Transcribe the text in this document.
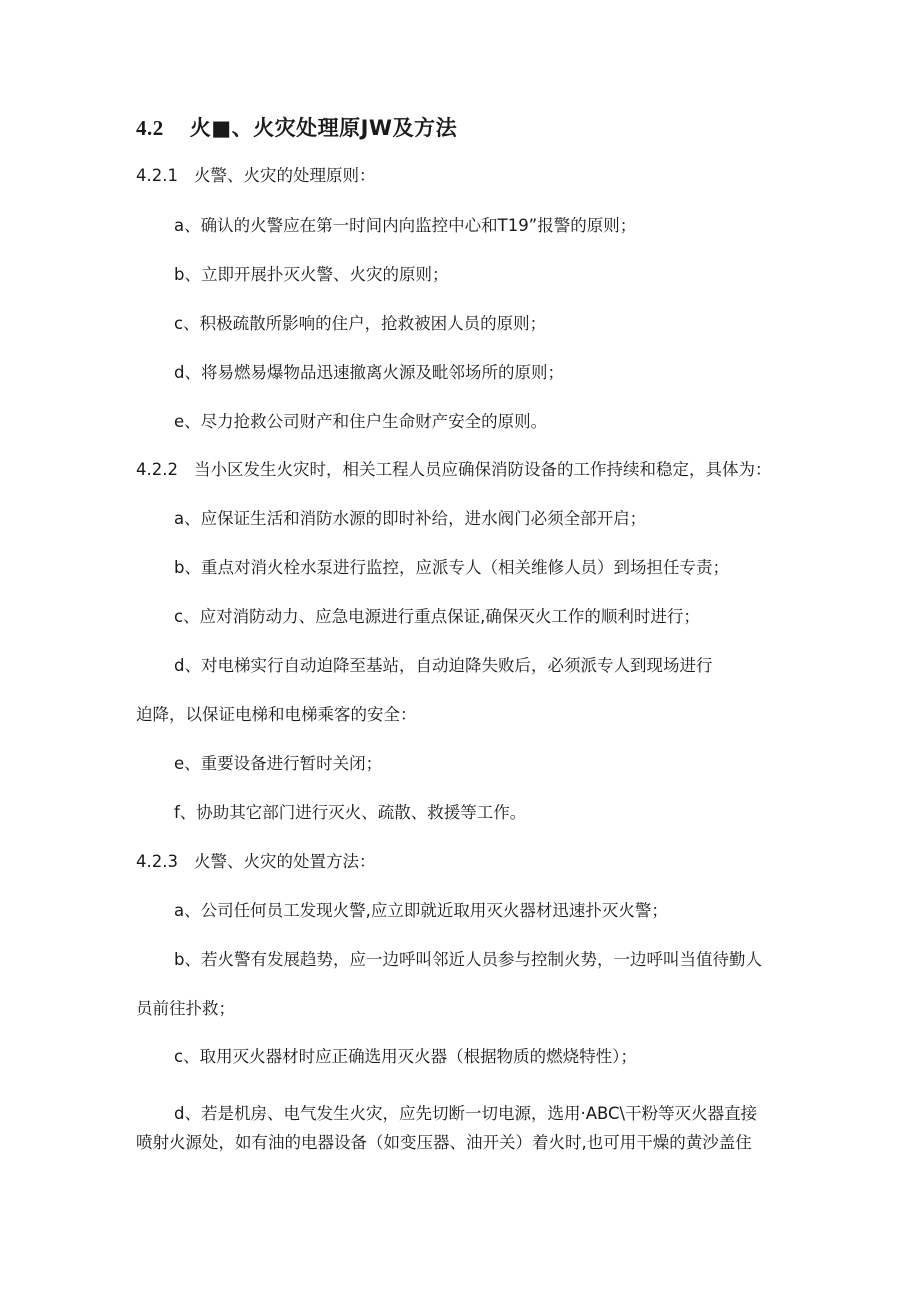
4.2 火■、火灾处理原JW及方法
4.2.1 火警、火灾的处理原则：
a、确认的火警应在第一时间内向监控中心和T19”报警的原则；
b、立即开展扑灭火警、火灾的原则；
c、积极疏散所影响的住户，抢救被困人员的原则；
d、将易燃易爆物品迅速撤离火源及毗邻场所的原则；
e、尽力抢救公司财产和住户生命财产安全的原则。
4.2.2 当小区发生火灾时，相关工程人员应确保消防设备的工作持续和稳定，具体为：
a、应保证生活和消防水源的即时补给，进水阀门必须全部开启；
b、重点对消火栓水泵进行监控，应派专人（相关维修人员）到场担任专责；
c、应对消防动力、应急电源进行重点保证,确保灭火工作的顺利时进行；
d、对电梯实行自动迫降至基站，自动迫降失败后，必须派专人到现场进行
迫降，以保证电梯和电梯乘客的安全：
e、重要设备进行暂时关闭；
f、协助其它部门进行灭火、疏散、救援等工作。
4.2.3 火警、火灾的处置方法：
a、公司任何员工发现火警,应立即就近取用灭火器材迅速扑灭火警；
b、若火警有发展趋势，应一边呼叫邻近人员参与控制火势，一边呼叫当值待勤人
员前往扑救；
c、取用灭火器材时应正确选用灭火器（根据物质的燃烧特性）；
d、若是机房、电气发生火灾，应先切断一切电源，选用·ABC\干粉等灭火器直接
喷射火源处，如有油的电器设备（如变压器、油开关）着火时,也可用干燥的黄沙盖住
